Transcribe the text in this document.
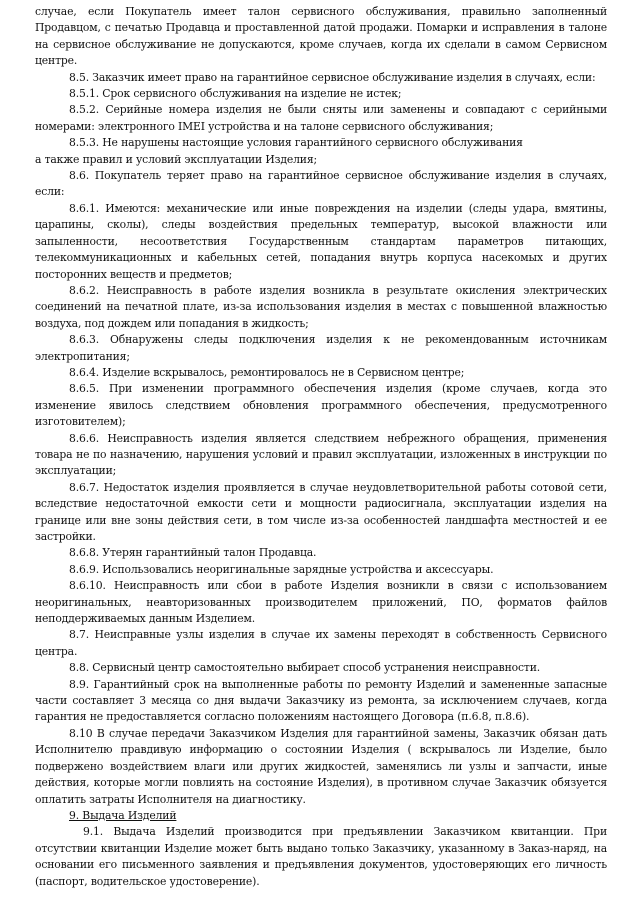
случае, если Покупатель имеет талон сервисного обслуживания, правильно заполненный Продавцом, с печатью Продавца и проставленной датой продажи. Помарки и исправления в талоне на сервисное обслуживание не допускаются, кроме случаев, когда их сделали в самом Сервисном центре.

8.5. Заказчик имеет право на гарантийное сервисное обслуживание изделия в случаях, если:

8.5.1. Срок сервисного обслуживания на изделие не истек;

8.5.2. Серийные номера изделия не были сняты или заменены и совпадают с серийными номерами: электронного IMEI устройства и на талоне сервисного обслуживания;

8.5.3. Не нарушены настоящие условия гарантийного сервисного обслуживания

а также правил и условий эксплуатации Изделия;

8.6. Покупатель теряет право на гарантийное сервисное обслуживание изделия в случаях, если:

8.6.1. Имеются: механические или иные повреждения на изделии (следы удара, вмятины, царапины, сколы), следы воздействия предельных температур, высокой влажности или запыленности, несоответствия Государственным стандартам параметров питающих, телекоммуникационных и кабельных сетей, попадания внутрь корпуса насекомых и других посторонних веществ и предметов;

8.6.2. Неисправность в работе изделия возникла в результате окисления электрических соединений на печатной плате, из-за использования изделия в местах с повышенной влажностью воздуха, под дождем или попадания в жидкость;

8.6.3. Обнаружены следы подключения изделия к не рекомендованным источникам электропитания;

8.6.4. Изделие вскрывалось, ремонтировалось не в Сервисном центре;

8.6.5. При изменении программного обеспечения изделия (кроме случаев, когда это изменение явилось следствием обновления программного обеспечения, предусмотренного изготовителем);

8.6.6. Неисправность изделия является следствием небрежного обращения, применения товара не по назначению, нарушения условий и правил эксплуатации, изложенных в инструкции по эксплуатации;

8.6.7. Недостаток изделия проявляется в случае неудовлетворительной работы сотовой сети, вследствие недостаточной емкости сети и мощности радиосигнала, эксплуатации изделия на границе или вне зоны действия сети, в том числе из-за особенностей ландшафта местностей и ее застройки.

8.6.8. Утерян гарантийный талон Продавца.

8.6.9. Использовались неоригинальные зарядные устройства и аксессуары.

8.6.10. Неисправность или сбои в работе Изделия возникли в связи с использованием неоригинальных, неавторизованных производителем приложений, ПО, форматов файлов неподдерживаемых данным Изделием.

8.7. Неисправные узлы изделия в случае их замены переходят в собственность Сервисного центра.

8.8. Сервисный центр самостоятельно выбирает способ устранения неисправности.

8.9. Гарантийный срок на выполненные работы по ремонту Изделий и замененные запасные части составляет 3 месяца со дня выдачи Заказчику из ремонта, за исключением случаев, когда гарантия не предоставляется согласно положениям настоящего Договора (п.6.8, п.8.6).

8.10 В случае передачи Заказчиком Изделия для гарантийной замены, Заказчик обязан дать Исполнителю правдивую информацию о состоянии Изделия ( вскрывалось ли Изделие, было подвержено воздействием влаги или других жидкостей, заменялись ли узлы и запчасти, иные действия, которые могли повлиять на состояние Изделия), в противном случае Заказчик обязуется оплатить затраты Исполнителя на диагностику.

9. Выдача Изделий

9.1. Выдача Изделий производится при предъявлении Заказчиком квитанции. При отсутствии квитанции Изделие может быть выдано только Заказчику, указанному в Заказ-наряд, на основании его письменного заявления и предъявления документов, удостоверяющих его личность (паспорт, водительское удостоверение).
